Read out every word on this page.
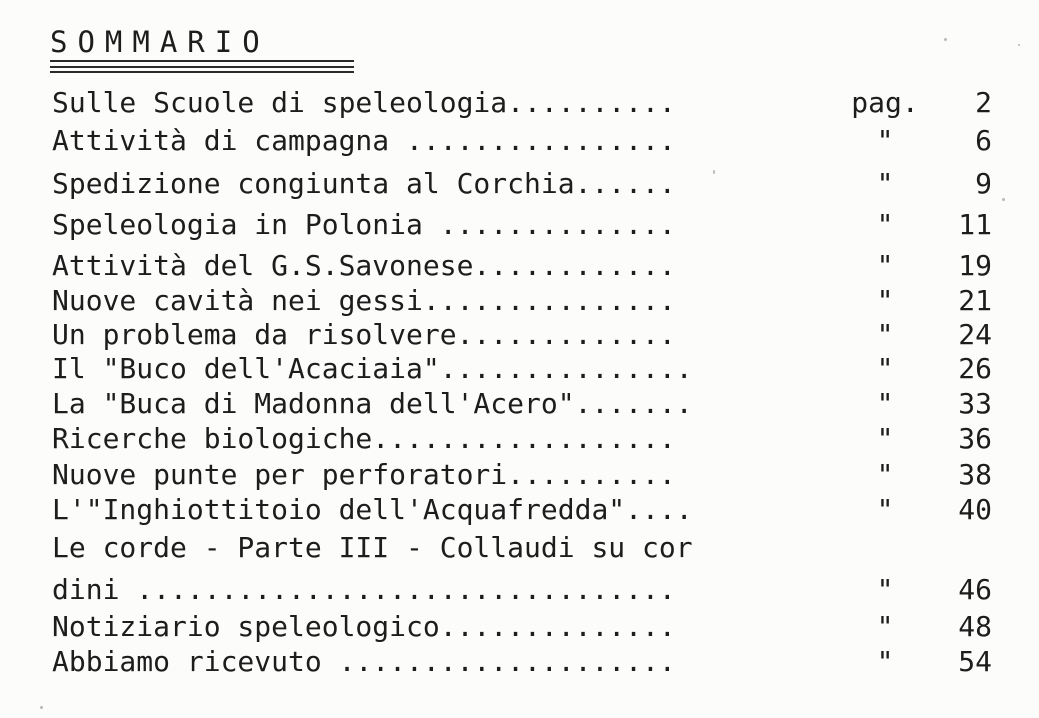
SOMMARIO
Sulle Scuole di speleologia..........	pag.	2
Attività di campagna ................	"	6
Spedizione congiunta al Corchia......	"	9
Speleologia in Polonia ..............	"	11
Attività del G.S.Savonese............	"	19
Nuove cavità nei gessi...............	"	21
Un problema da risolvere.............	"	24
Il "Buco dell'Acaciaia"...............	"	26
La "Buca di Madonna dell'Acero".......	"	33
Ricerche biologiche..................	"	36
Nuove punte per perforatori..........	"	38
L'"Inghiottitoio dell'Acquafredda"....	"	40
Le corde - Parte III - Collaudi su cor
dini ................................	"	46
Notiziario speleologico..............	"	48
Abbiamo ricevuto ....................	"	54
